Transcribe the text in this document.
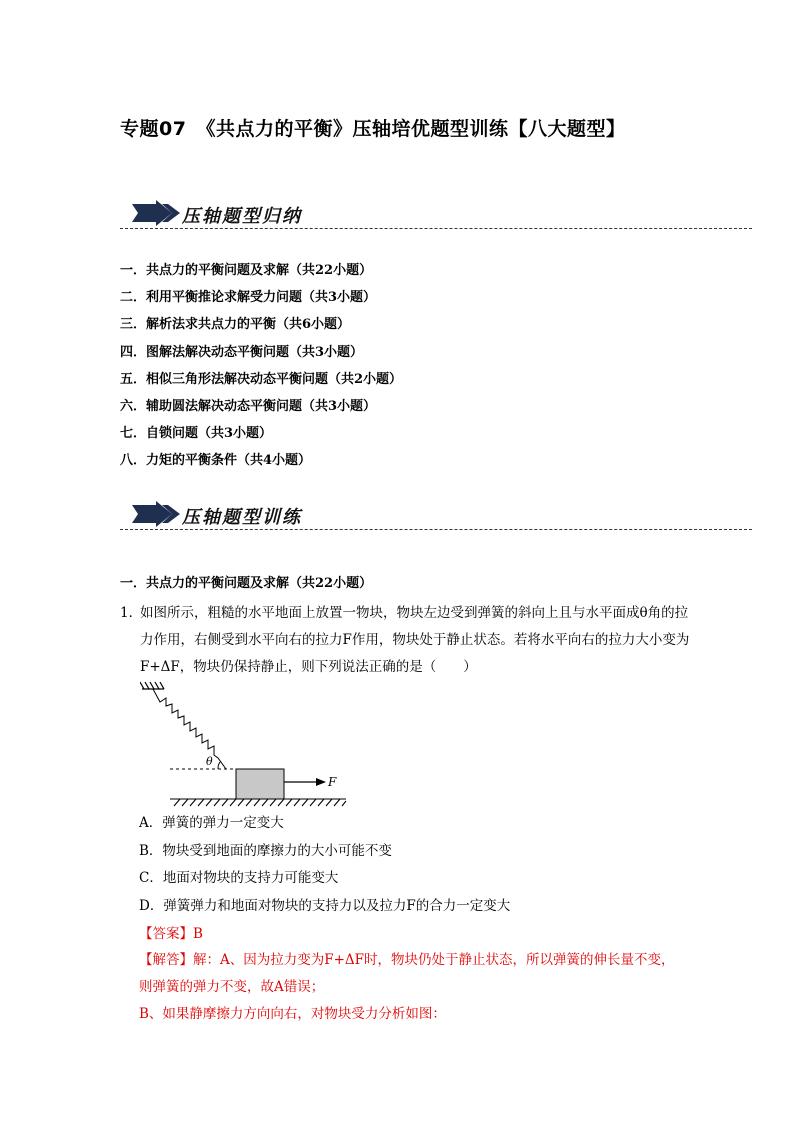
专题07　《共点力的平衡》压轴培优题型训练【八大题型】
压轴题型归纳
一．共点力的平衡问题及求解（共22小题）
二．利用平衡推论求解受力问题（共3小题）
三．解析法求共点力的平衡（共6小题）
四．图解法解决动态平衡问题（共3小题）
五．相似三角形法解决动态平衡问题（共2小题）
六．辅助圆法解决动态平衡问题（共3小题）
七．自锁问题（共3小题）
八．力矩的平衡条件（共4小题）
压轴题型训练
一．共点力的平衡问题及求解（共22小题）
1．
如图所示，粗糙的水平地面上放置一物块，物块左边受到弹簧的斜向上且与水平面成θ角的拉力作用，右侧受到水平向右的拉力F作用，物块处于静止状态。若将水平向右的拉力大小变为F+ΔF，物块仍保持静止，则下列说法正确的是（　　）
θ
F
A．弹簧的弹力一定变大
B．物块受到地面的摩擦力的大小可能不变
C．地面对物块的支持力可能变大
D．弹簧弹力和地面对物块的支持力以及拉力F的合力一定变大
【答案】B
【解答】解：A、因为拉力变为F+ΔF时，物块仍处于静止状态，所以弹簧的伸长量不变，则弹簧的弹力不变，故A错误；
B、如果静摩擦力方向向右，对物块受力分析如图：
